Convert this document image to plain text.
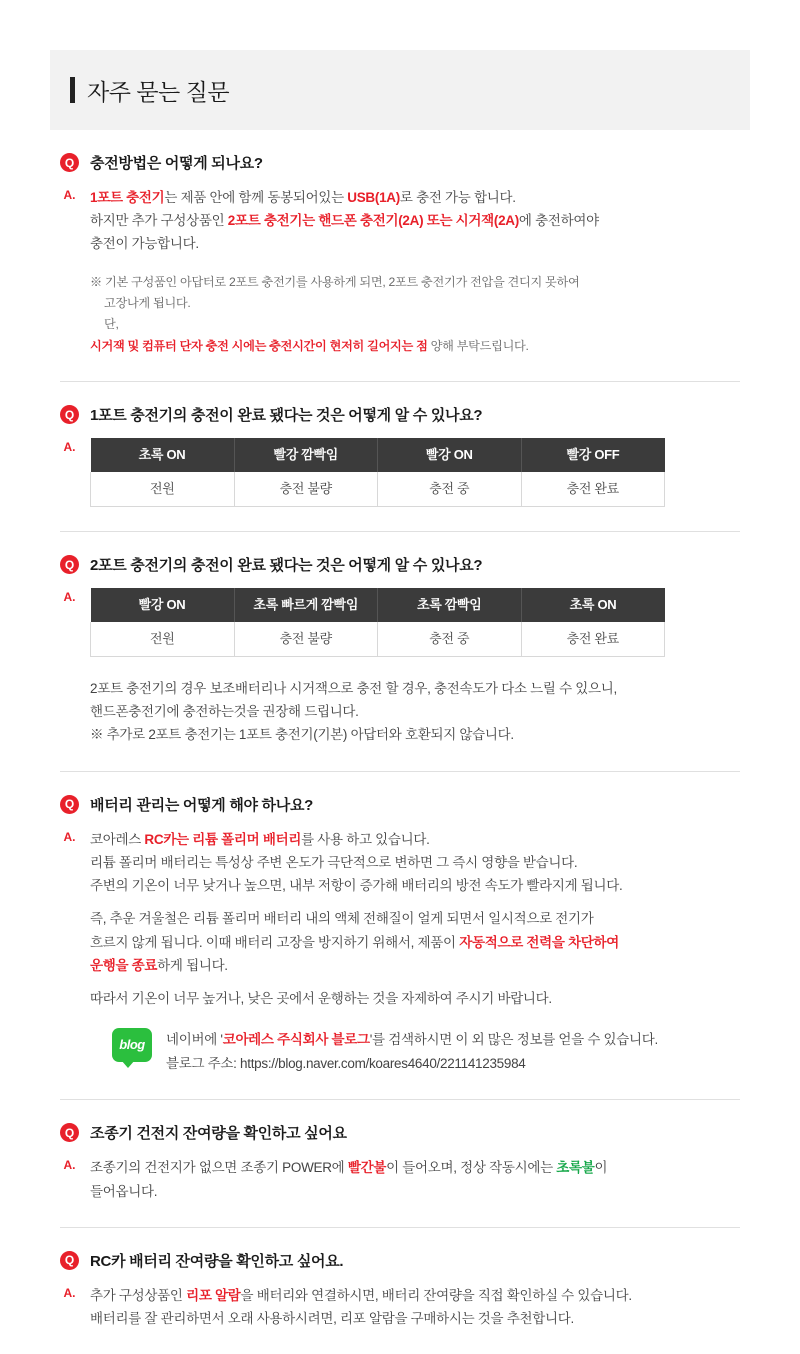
자주 묻는 질문
Q	충전방법은 어떻게 되나요?
A. 1포트 충전기는 제품 안에 함께 동봉되어있는 USB(1A)로 충전 가능 합니다.
하지만 추가 구성상품인 2포트 충전기는 핸드폰 충전기(2A) 또는 시거잭(2A)에 충전하여야
충전이 가능합니다.
※ 기본 구성품인 아답터로 2포트 충전기를 사용하게 되면, 2포트 충전기가 전압을 견디지 못하여
고장나게 됩니다.
단,
시거잭 및 컴퓨터 단자 충전 시에는 충전시간이 현저히 길어지는 점 양해 부탁드립니다.
Q	1포트 충전기의 충전이 완료 됐다는 것은 어떻게 알 수 있나요?
A.	초록 ON	빨강 깜빡임	빨강 ON	빨강 OFF
전원	충전 불량	충전 중	충전 완료
Q	2포트 충전기의 충전이 완료 됐다는 것은 어떻게 알 수 있나요?
A.	빨강 ON	초록 빠르게 깜빡임	초록 깜빡임	초록 ON
전원	충전 불량	충전 중	충전 완료
2포트 충전기의 경우 보조배터리나 시거잭으로 충전 할 경우, 충전속도가 다소 느릴 수 있으니,
핸드폰충전기에 충전하는것을 권장해 드립니다.
※ 추가로 2포트 충전기는 1포트 충전기(기본) 아답터와 호환되지 않습니다.
Q	배터리 관리는 어떻게 해야 하나요?
A. 코아레스 RC카는 리튬 폴리머 배터리를 사용 하고 있습니다.
리튬 폴리머 배터리는 특성상 주변 온도가 극단적으로 변하면 그 즉시 영향을 받습니다.
주변의 기온이 너무 낮거나 높으면, 내부 저항이 증가해 배터리의 방전 속도가 빨라지게 됩니다.
즉, 추운 겨울철은 리튬 폴리머 배터리 내의 액체 전해질이 얼게 되면서 일시적으로 전기가
흐르지 않게 됩니다. 이때 배터리 고장을 방지하기 위해서, 제품이 자동적으로 전력을 차단하여
운행을 종료하게 됩니다.
따라서 기온이 너무 높거나, 낮은 곳에서 운행하는 것을 자제하여 주시기 바랍니다.
blog 네이버에 '코아레스 주식회사 블로그'를 검색하시면 이 외 많은 정보를 얻을 수 있습니다.
블로그 주소: https://blog.naver.com/koares4640/221141235984
Q	조종기 건전지 잔여량을 확인하고 싶어요
A. 조종기의 건전지가 없으면 조종기 POWER에 빨간불이 들어오며, 정상 작동시에는 초록불이
들어옵니다.
Q	RC카 배터리 잔여량을 확인하고 싶어요.
A. 추가 구성상품인 리포 알람을 배터리와 연결하시면, 배터리 잔여량을 직접 확인하실 수 있습니다.
배터리를 잘 관리하면서 오래 사용하시려면, 리포 알람을 구매하시는 것을 추천합니다.
